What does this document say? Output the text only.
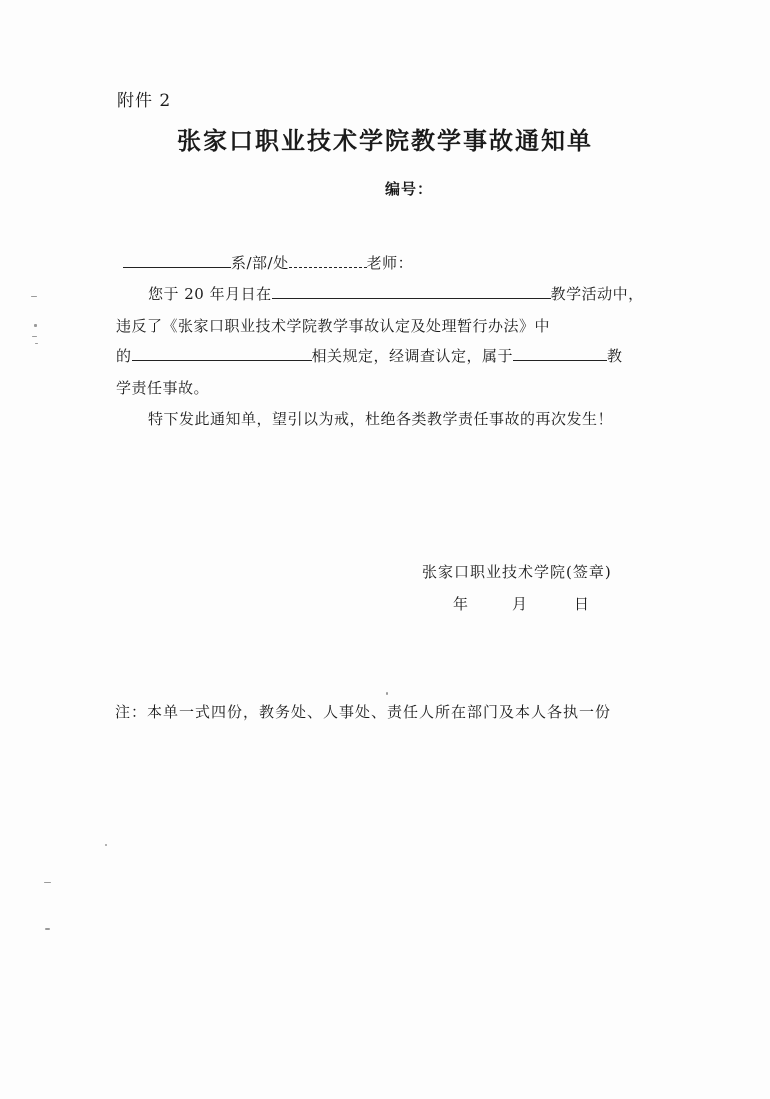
附件 2
张家口职业技术学院教学事故通知单
编号：
系/部/处	老师：
您于 20 年月日在	教学活动中，
违反了《张家口职业技术学院教学事故认定及处理暂行办法》中
的	相关规定，经调查认定，属于	教
学责任事故。
特下发此通知单，望引以为戒，杜绝各类教学责任事故的再次发生！
张家口职业技术学院(签章)
年	月	日
注：本单一式四份，教务处、人事处、责任人所在部门及本人各执一份
